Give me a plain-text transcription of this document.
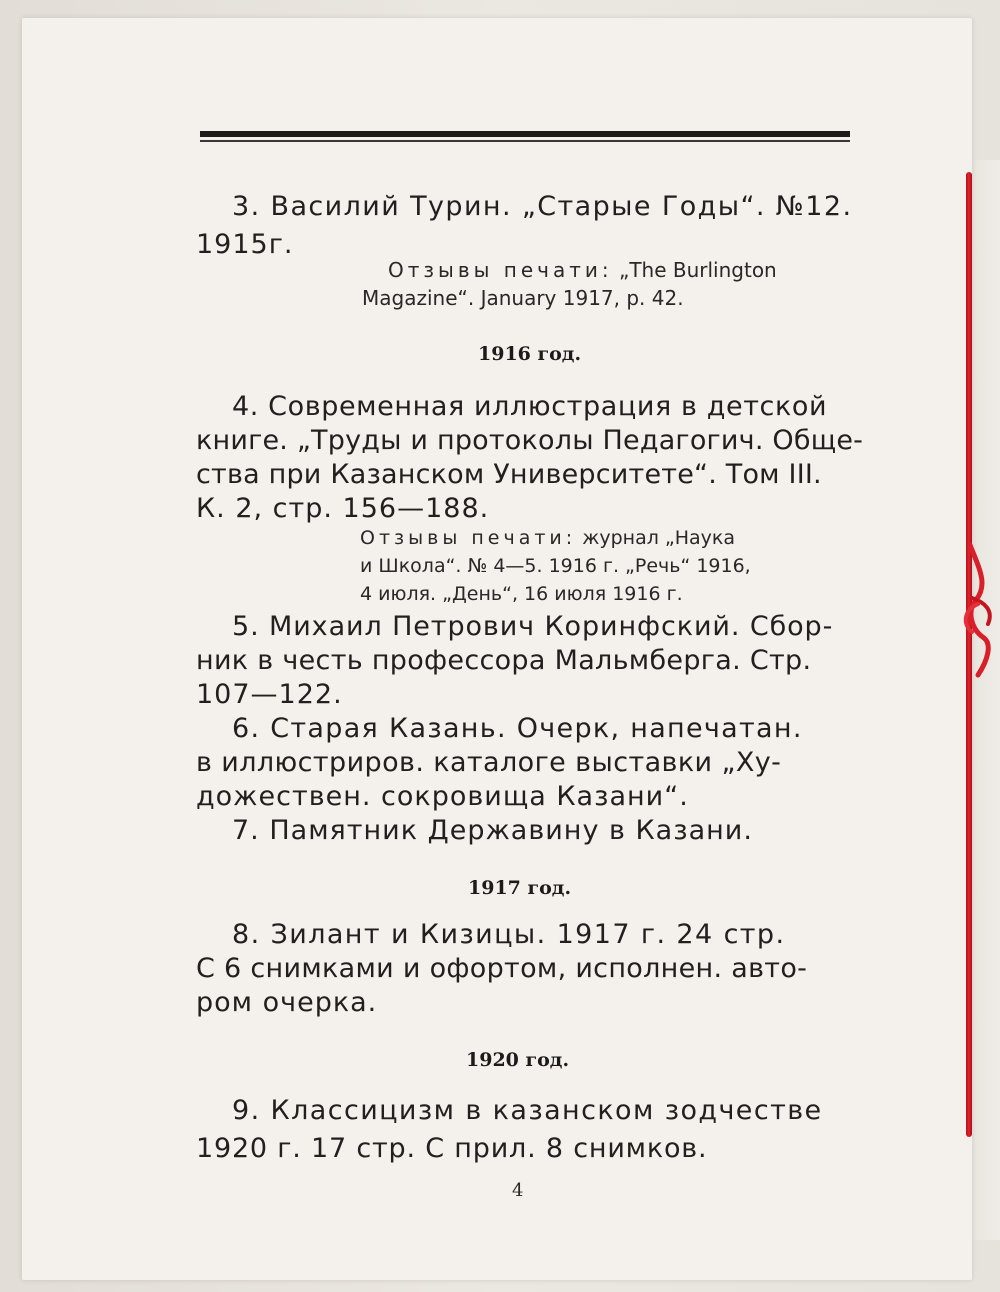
3. Василий Турин. „Старые Годы“. №12.
1915г.
Отзывы печати: „The Burlington
Magazine“. January 1917, p. 42.
1916 год.
4. Современная иллюстрация в детской
книге. „Труды и протоколы Педагогич. Обще-
ства при Казанском Университете“. Том III.
К. 2, стр. 156—188.
Отзывы печати: журнал „Наука
и Школа“. № 4—5. 1916 г. „Речь“ 1916,
4 июля. „День“, 16 июля 1916 г.
5. Михаил Петрович Коринфский. Сбор-
ник в честь профессора Мальмберга. Стр.
107—122.
6. Старая Казань. Очерк, напечатан.
в иллюстриров. каталоге выставки „Ху-
дожествен. сокровища Казани“.
7. Памятник Державину в Казани.
1917 год.
8. Зилант и Кизицы. 1917 г. 24 стр.
С 6 снимками и офортом, исполнен. авто-
ром очерка.
1920 год.
9. Классицизм в казанском зодчестве
1920 г. 17 стр. С прил. 8 снимков.
4
